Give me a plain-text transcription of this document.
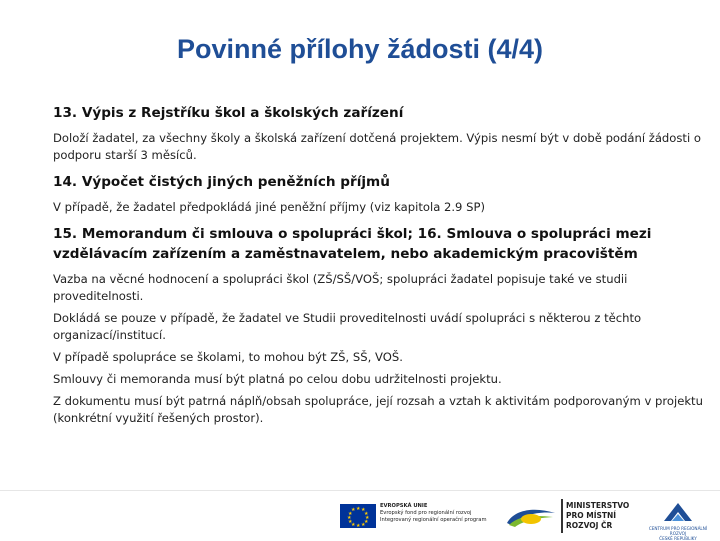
Povinné přílohy žádosti (4/4)

13. Výpis z Rejstříku škol a školských zařízení

Doloží žadatel, za všechny školy a školská zařízení dotčená projektem. Výpis nesmí být v době podání žádosti o podporu starší 3 měsíců.

14. Výpočet čistých jiných peněžních příjmů

V případě, že žadatel předpokládá jiné peněžní příjmy (viz kapitola 2.9 SP)

15. Memorandum či smlouva o spolupráci škol; 16. Smlouva o spolupráci mezi vzdělávacím zařízením a zaměstnavatelem, nebo akademickým pracovištěm

Vazba na věcné hodnocení a spolupráci škol (ZŠ/SŠ/VOŠ; spolupráci žadatel popisuje také ve studii proveditelnosti.

Dokládá se pouze v případě, že žadatel ve Studii proveditelnosti uvádí spolupráci s některou z těchto organizací/institucí.

V případě spolupráce se školami, to mohou být ZŠ, SŠ, VOŠ.

Smlouvy či memoranda musí být platná po celou dobu udržitelnosti projektu.

Z dokumentu musí být patrná náplň/obsah spolupráce, její rozsah a vztah k aktivitám podporovaným v projektu (konkrétní využití řešených prostor).

★ ★
★
★
★
★
★
★
★
★
★
★
EVROPSKÁ UNIE
Evropský fond pro regionální rozvoj
Integrovaný regionální operační program
MINISTERSTVO
PRO MÍSTNÍ
ROZVOJ ČR	CENTRUM PRO REGIONÁLNÍ ROZVOJ
ČESKÉ REPUBLIKY
